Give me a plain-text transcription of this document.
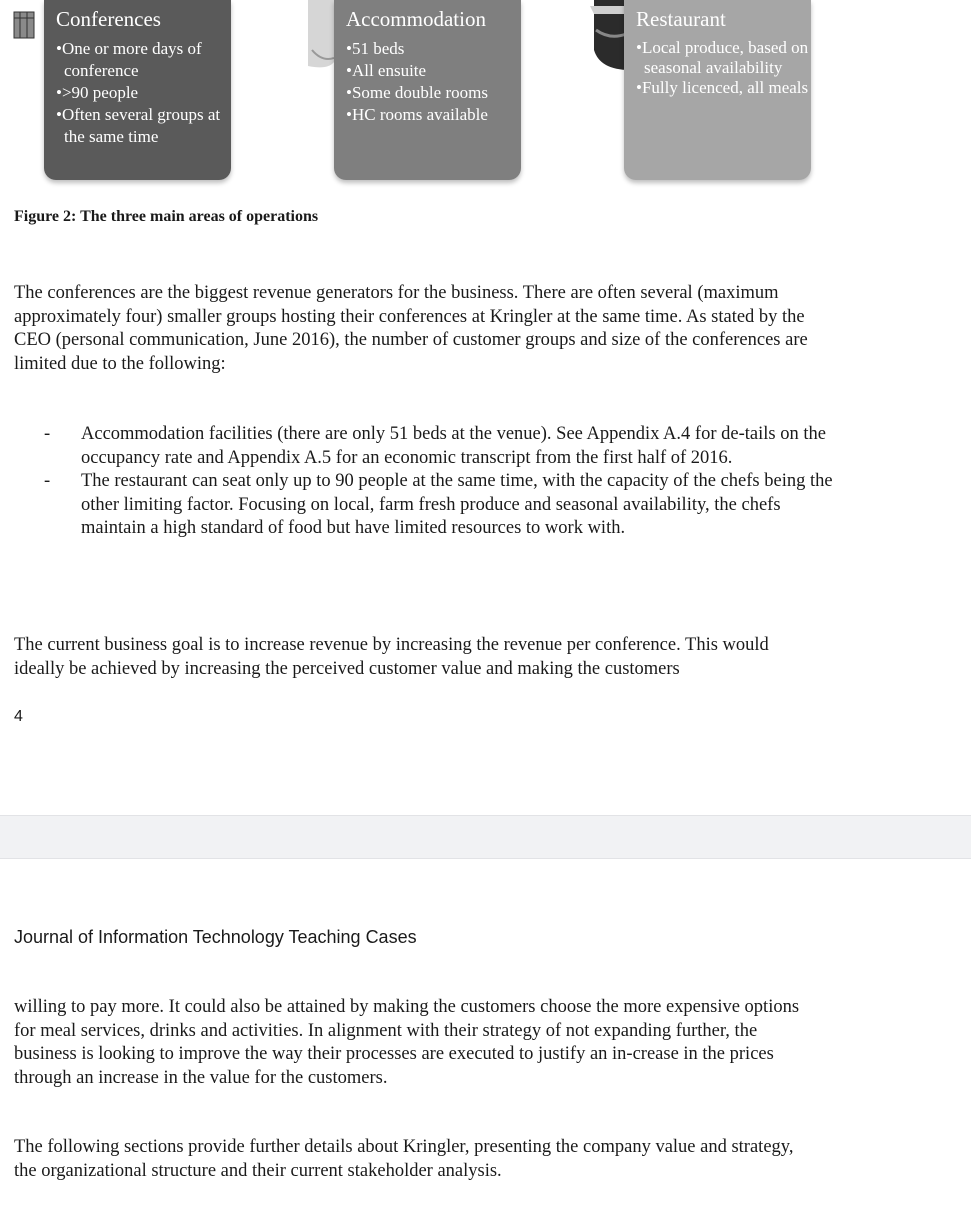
Conferences
• One or more days of conference
• >90 people
• Often several groups at the same time
Accommodation
• 51 beds
• All ensuite
• Some double rooms
• HC rooms available
Restaurant
• Local produce, based on seasonal availability
• Fully licenced, all meals
Figure 2: The three main areas of operations

The conferences are the biggest revenue generators for the business. There are often several (maximum approximately four) smaller groups hosting their conferences at Kringler at the same time. As stated by the CEO (personal communication, June 2016), the number of customer groups and size of the conferences are limited due to the following:

- Accommodation facilities (there are only 51 beds at the venue). See Appendix A.4 for de-tails on the occupancy rate and Appendix A.5 for an economic transcript from the first half of 2016.
- The restaurant can seat only up to 90 people at the same time, with the capacity of the chefs being the other limiting factor. Focusing on local, farm fresh produce and seasonal availability, the chefs maintain a high standard of food but have limited resources to work with.

The current business goal is to increase revenue by increasing the revenue per conference. This would ideally be achieved by increasing the perceived customer value and making the customers

4
Journal of Information Technology Teaching Cases

willing to pay more. It could also be attained by making the customers choose the more expensive options for meal services, drinks and activities. In alignment with their strategy of not expanding further, the business is looking to improve the way their processes are executed to justify an in-crease in the prices through an increase in the value for the customers.

The following sections provide further details about Kringler, presenting the company value and strategy, the organizational structure and their current stakeholder analysis.
